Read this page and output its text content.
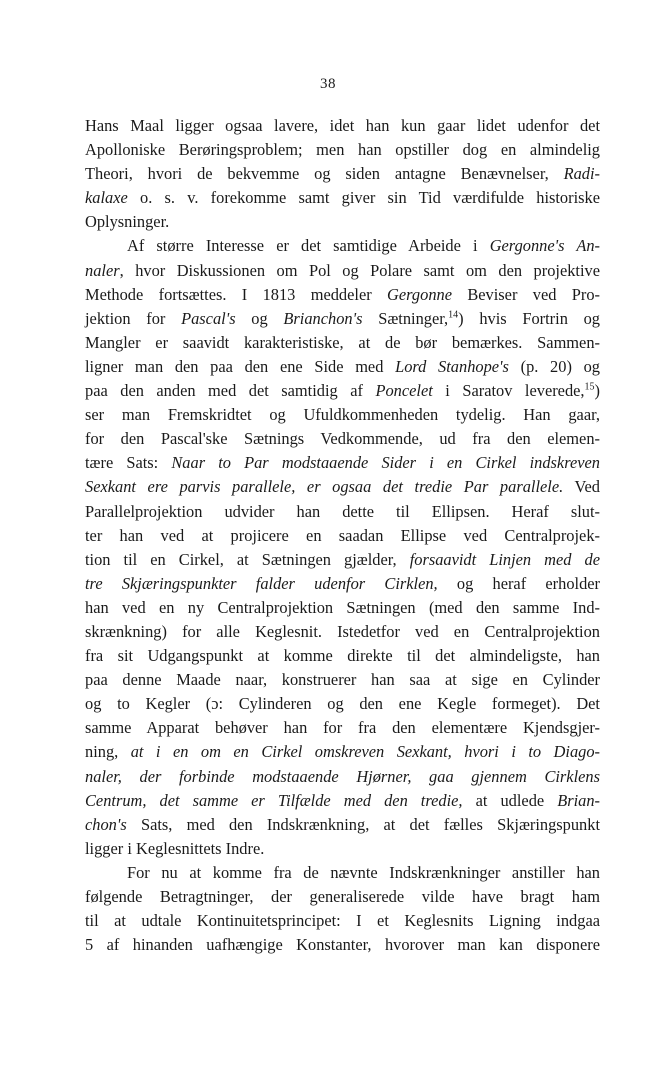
38
Hans Maal ligger ogsaa lavere, idet han kun gaar lidet udenfor det
Apolloniske Berøringsproblem; men han opstiller dog en almindelig
Theori, hvori de bekvemme og siden antagne Benævnelser, Radi-
kalaxe o. s. v. forekomme samt giver sin Tid værdifulde historiske
Oplysninger.
Af større Interesse er det samtidige Arbeide i Gergonne's An-
naler, hvor Diskussionen om Pol og Polare samt om den projektive
Methode fortsættes. I 1813 meddeler Gergonne Beviser ved Pro-
jektion for Pascal's og Brianchon's Sætninger,$^{14}$) hvis Fortrin og
Mangler er saavidt karakteristiske, at de bør bemærkes. Sammen-
ligner man den paa den ene Side med Lord Stanhope's (p. 20) og
paa den anden med det samtidig af Poncelet i Saratov leverede,$^{15}$)
ser man Fremskridtet og Ufuldkommenheden tydelig. Han gaar,
for den Pascal'ske Sætnings Vedkommende, ud fra den elemen-
tære Sats: Naar to Par modstaaende Sider i en Cirkel indskreven
Sexkant ere parvis parallele, er ogsaa det tredie Par parallele. Ved
Parallelprojektion udvider han dette til Ellipsen. Heraf slut-
ter han ved at projicere en saadan Ellipse ved Centralprojek-
tion til en Cirkel, at Sætningen gjælder, forsaavidt Linjen med de
tre Skjæringspunkter falder udenfor Cirklen, og heraf erholder
han ved en ny Centralprojektion Sætningen (med den samme Ind-
skrænkning) for alle Keglesnit. Istedetfor ved en Centralprojektion
fra sit Udgangspunkt at komme direkte til det almindeligste, han
paa denne Maade naar, konstruerer han saa at sige en Cylinder
og to Kegler (ɔ: Cylinderen og den ene Kegle formeget). Det
samme Apparat behøver han for fra den elementære Kjendsgjer-
ning, at i en om en Cirkel omskreven Sexkant, hvori i to Diago-
naler, der forbinde modstaaende Hjørner, gaa gjennem Cirklens
Centrum, det samme er Tilfælde med den tredie, at udlede Brian-
chon's Sats, med den Indskrænkning, at det fælles Skjæringspunkt
ligger i Keglesnittets Indre.
For nu at komme fra de nævnte Indskrænkninger anstiller han
følgende Betragtninger, der generaliserede vilde have bragt ham
til at udtale Kontinuitetsprincipet: I et Keglesnits Ligning indgaa
5 af hinanden uafhængige Konstanter, hvorover man kan disponere
